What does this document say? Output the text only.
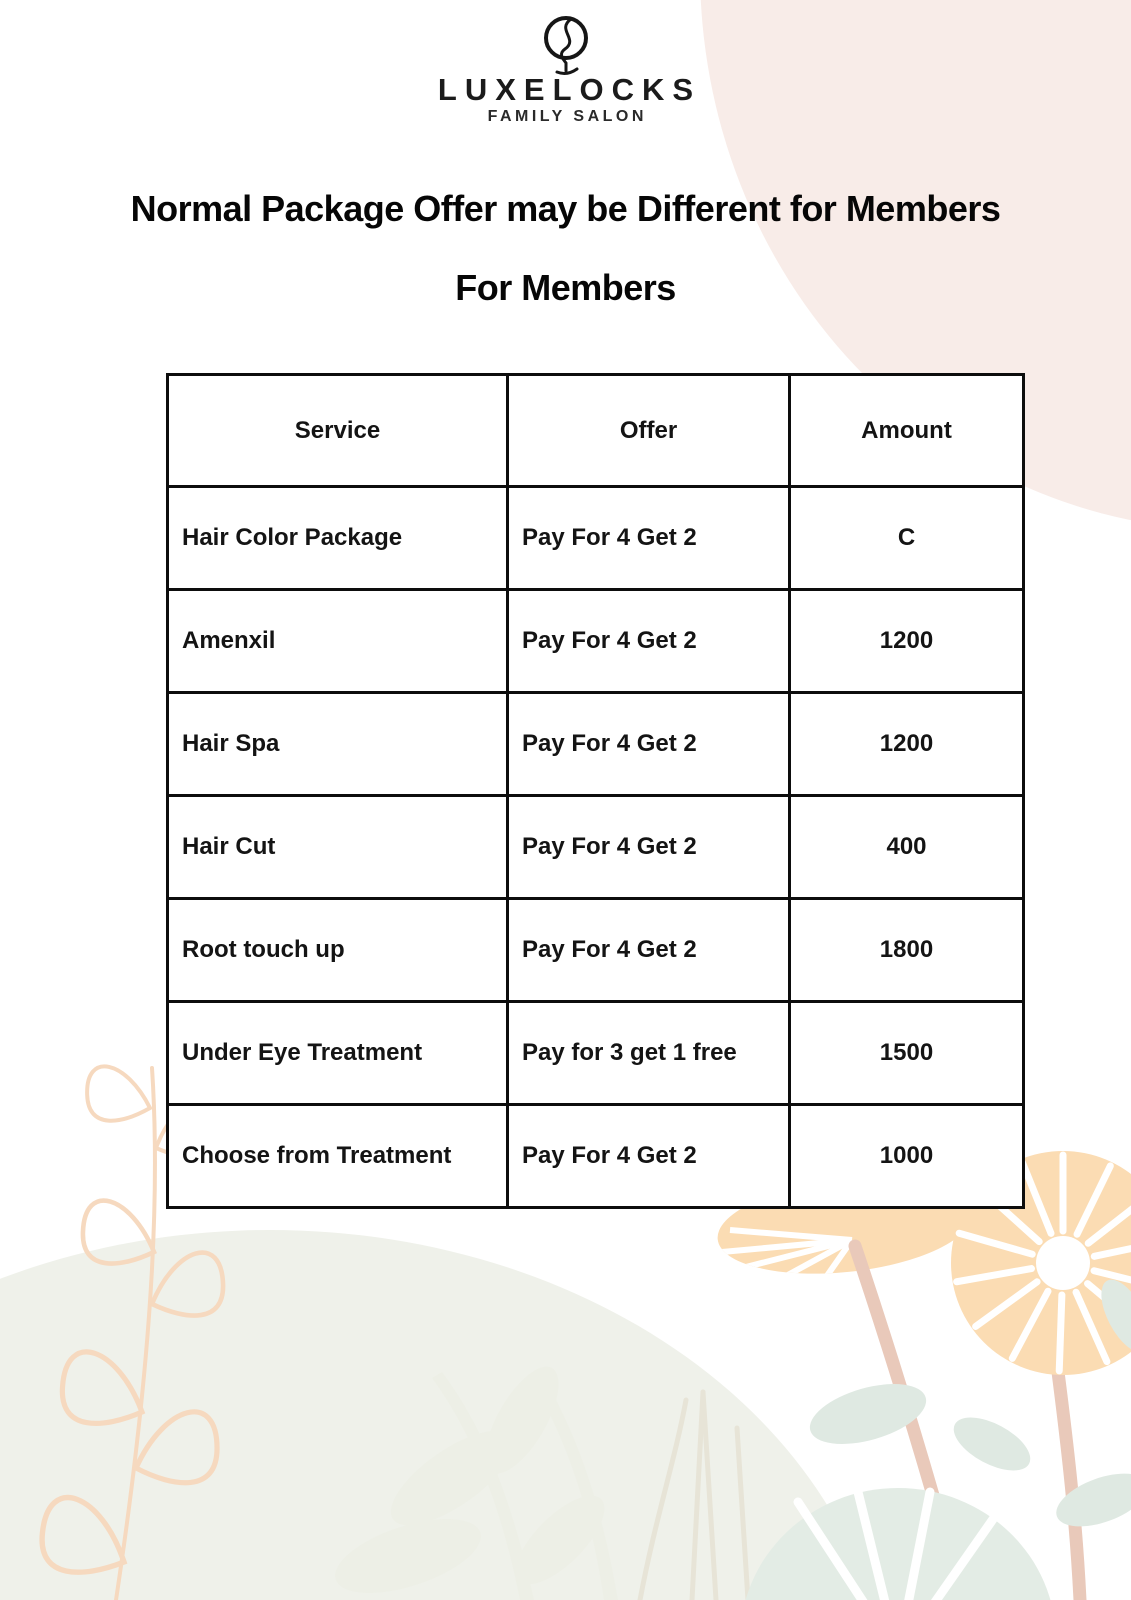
LUXELOCKS
FAMILY SALON
Normal Package Offer may be Different for Members
For Members
Service	Offer	Amount
Hair Color Package	Pay For 4 Get 2	C
Amenxil	Pay For 4 Get 2	1200
Hair Spa	Pay For 4 Get 2	1200
Hair Cut	Pay For 4 Get 2	400
Root touch up	Pay For 4 Get 2	1800
Under Eye Treatment	Pay for 3 get 1 free	1500
Choose from Treatment	Pay For 4 Get 2	1000
